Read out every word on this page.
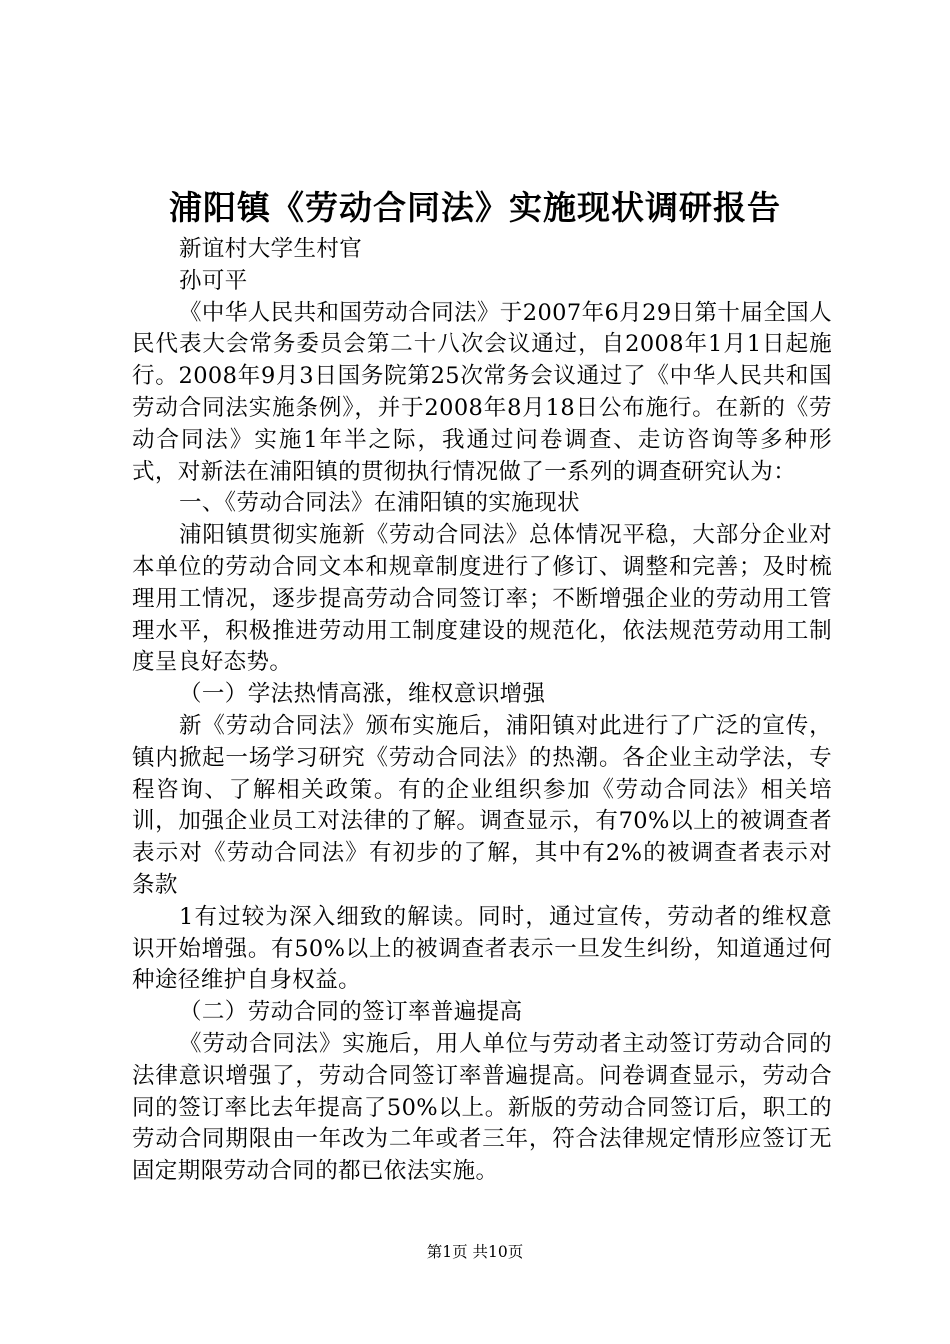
浦阳镇《劳动合同法》实施现状调研报告
新谊村大学生村官
孙可平

《中华人民共和国劳动合同法》于2007年6月29日第十届全国人民代表大会常务委员会第二十八次会议通过，自2008年1月1日起施行。2008年9月3日国务院第25次常务会议通过了《中华人民共和国劳动合同法实施条例》，并于2008年8月18日公布施行。在新的《劳动合同法》实施1年半之际，我通过问卷调查、走访咨询等多种形式，对新法在浦阳镇的贯彻执行情况做了一系列的调查研究认为：

一、《劳动合同法》在浦阳镇的实施现状

浦阳镇贯彻实施新《劳动合同法》总体情况平稳，大部分企业对本单位的劳动合同文本和规章制度进行了修订、调整和完善；及时梳理用工情况，逐步提高劳动合同签订率；不断增强企业的劳动用工管理水平，积极推进劳动用工制度建设的规范化，依法规范劳动用工制度呈良好态势。

（一）学法热情高涨，维权意识增强

新《劳动合同法》颁布实施后，浦阳镇对此进行了广泛的宣传，镇内掀起一场学习研究《劳动合同法》的热潮。各企业主动学法，专程咨询、了解相关政策。有的企业组织参加《劳动合同法》相关培训，加强企业员工对法律的了解。调查显示，有70%以上的被调查者表示对《劳动合同法》有初步的了解，其中有2%的被调查者表示对条款

1有过较为深入细致的解读。同时，通过宣传，劳动者的维权意识开始增强。有50%以上的被调查者表示一旦发生纠纷，知道通过何种途径维护自身权益。

（二）劳动合同的签订率普遍提高

《劳动合同法》实施后，用人单位与劳动者主动签订劳动合同的法律意识增强了，劳动合同签订率普遍提高。问卷调查显示，劳动合同的签订率比去年提高了50%以上。新版的劳动合同签订后，职工的劳动合同期限由一年改为二年或者三年，符合法律规定情形应签订无固定期限劳动合同的都已依法实施。

第1页 共10页
